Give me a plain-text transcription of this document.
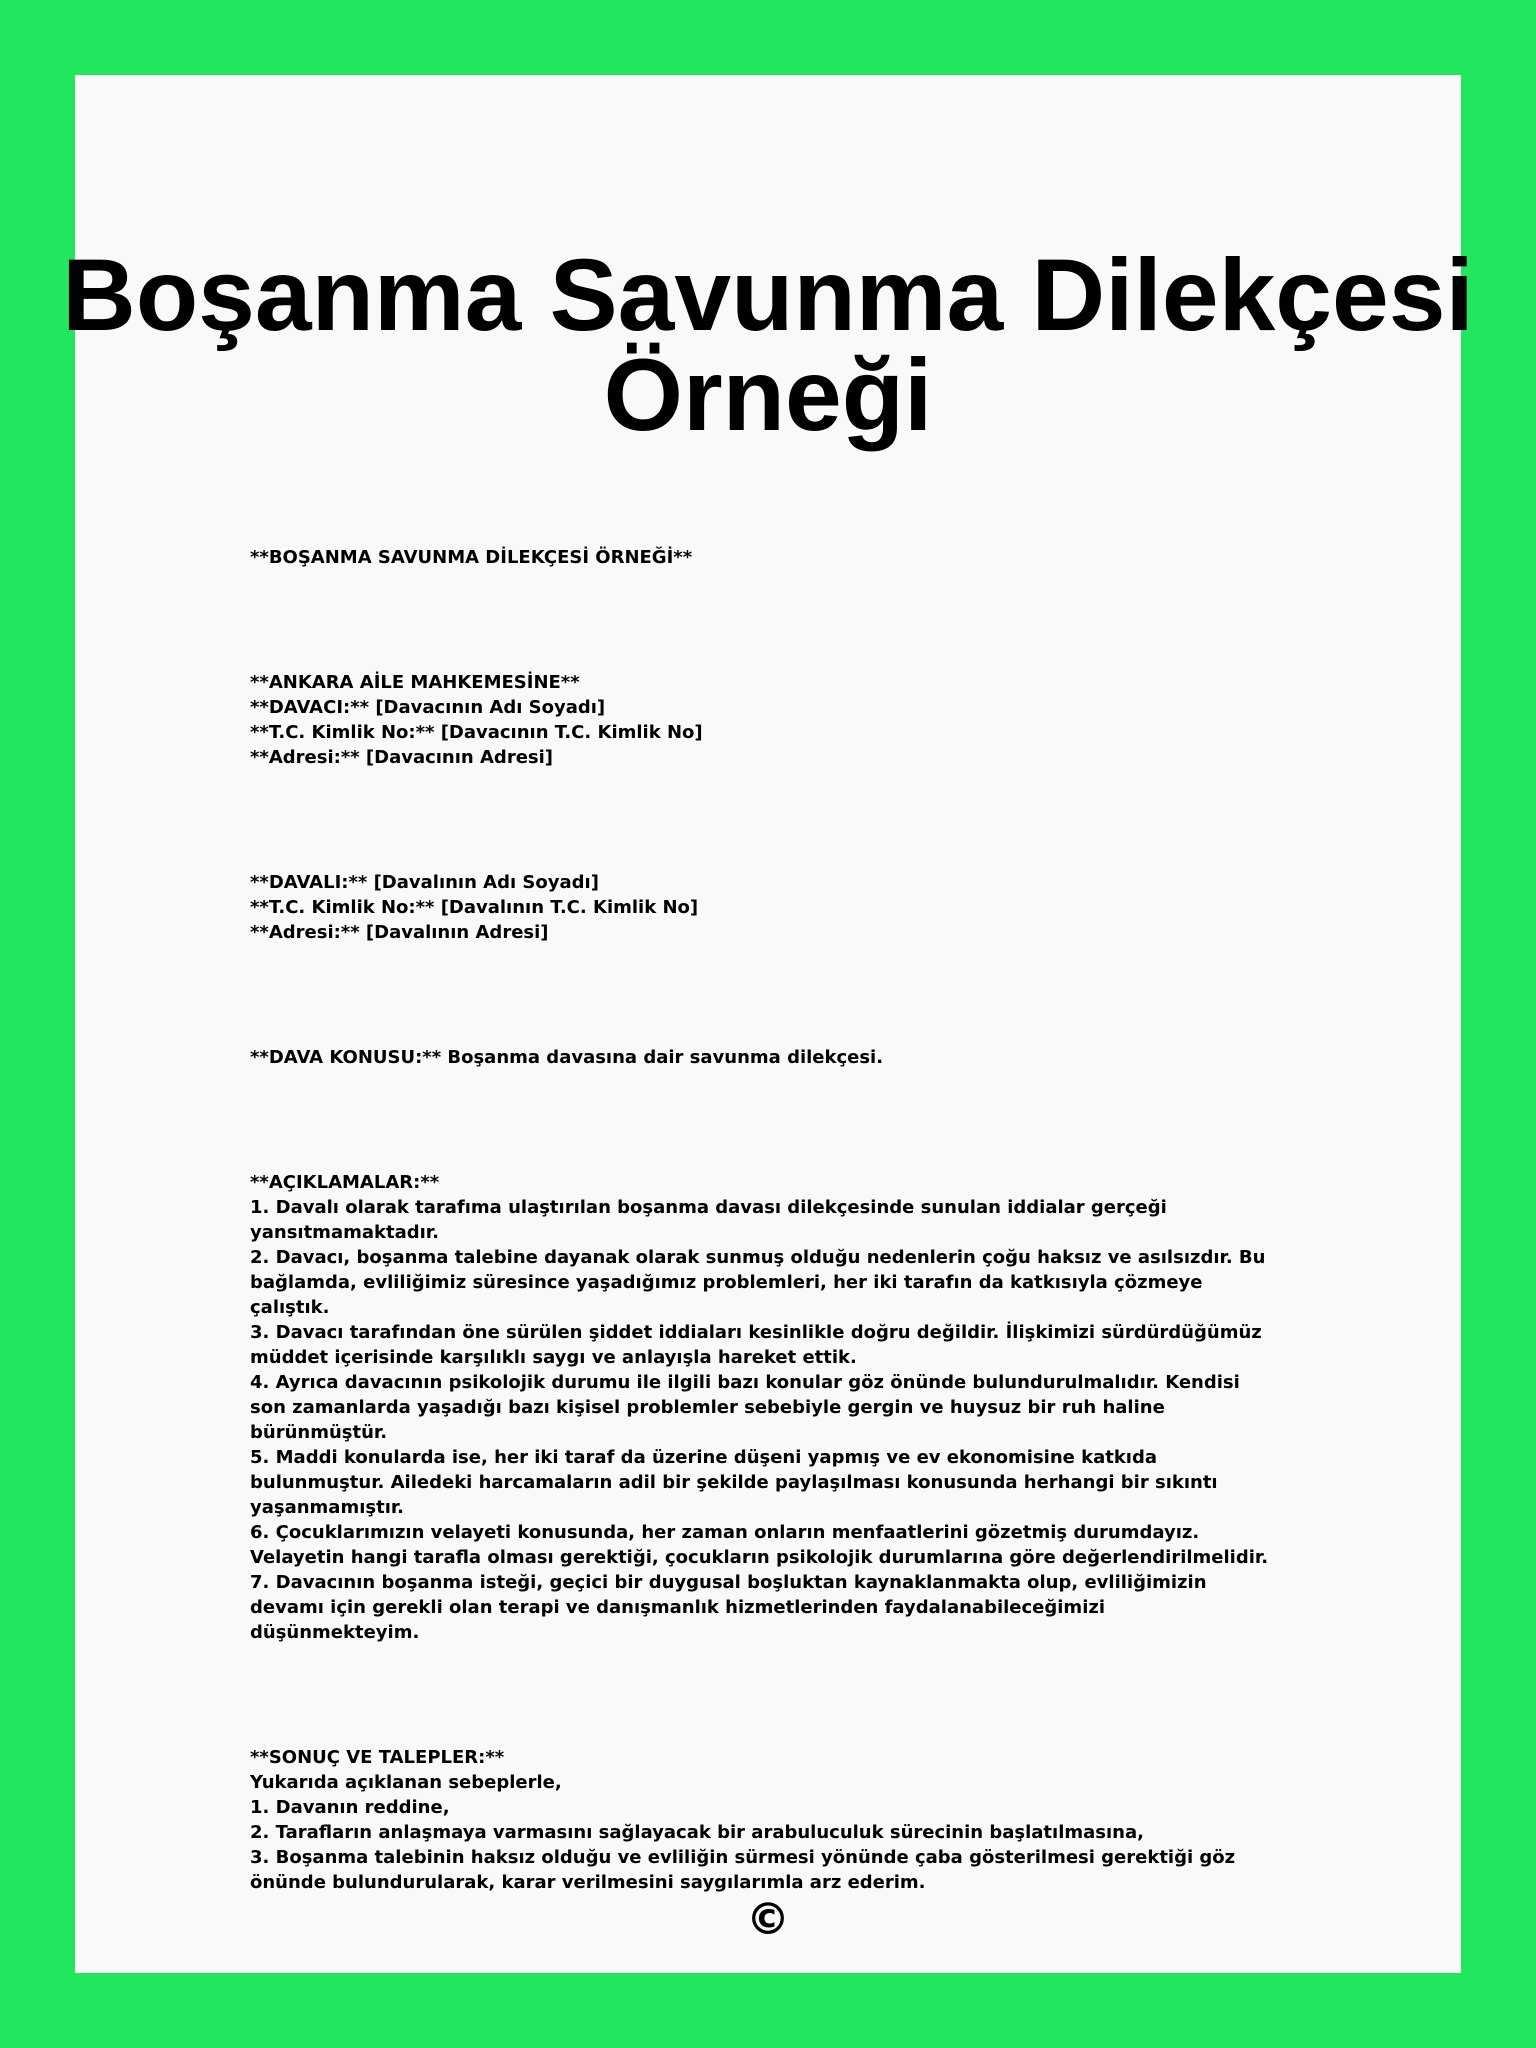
Boşanma Savunma Dilekçesi Örneği

**BOŞANMA SAVUNMA DİLEKÇESİ ÖRNEĞİ**

**ANKARA AİLE MAHKEMESİNE**

**DAVACI:** [Davacının Adı Soyadı]

**T.C. Kimlik No:** [Davacının T.C. Kimlik No]

**Adresi:** [Davacının Adresi]

**DAVALI:** [Davalının Adı Soyadı]

**T.C. Kimlik No:** [Davalının T.C. Kimlik No]

**Adresi:** [Davalının Adresi]

**DAVA KONUSU:** Boşanma davasına dair savunma dilekçesi.

**AÇIKLAMALAR:**

1. Davalı olarak tarafıma ulaştırılan boşanma davası dilekçesinde sunulan iddialar gerçeği yansıtmamaktadır.

2. Davacı, boşanma talebine dayanak olarak sunmuş olduğu nedenlerin çoğu haksız ve asılsızdır. Bu bağlamda, evliliğimiz süresince yaşadığımız problemleri, her iki tarafın da katkısıyla çözmeye çalıştık.

3. Davacı tarafından öne sürülen şiddet iddiaları kesinlikle doğru değildir. İlişkimizi sürdürdüğümüz müddet içerisinde karşılıklı saygı ve anlayışla hareket ettik.

4. Ayrıca davacının psikolojik durumu ile ilgili bazı konular göz önünde bulundurulmalıdır. Kendisi son zamanlarda yaşadığı bazı kişisel problemler sebebiyle gergin ve huysuz bir ruh haline bürünmüştür.

5. Maddi konularda ise, her iki taraf da üzerine düşeni yapmış ve ev ekonomisine katkıda bulunmuştur. Ailedeki harcamaların adil bir şekilde paylaşılması konusunda herhangi bir sıkıntı yaşanmamıştır.

6. Çocuklarımızın velayeti konusunda, her zaman onların menfaatlerini gözetmiş durumdayız. Velayetin hangi tarafla olması gerektiği, çocukların psikolojik durumlarına göre değerlendirilmelidir.

7. Davacının boşanma isteği, geçici bir duygusal boşluktan kaynaklanmakta olup, evliliğimizin devamı için gerekli olan terapi ve danışmanlık hizmetlerinden faydalanabileceğimizi düşünmekteyim.

**SONUÇ VE TALEPLER:**

Yukarıda açıklanan sebeplerle,

1. Davanın reddine,

2. Tarafların anlaşmaya varmasını sağlayacak bir arabuluculuk sürecinin başlatılmasına,

3. Boşanma talebinin haksız olduğu ve evliliğin sürmesi yönünde çaba gösterilmesi gerektiği göz önünde bulundurularak, karar verilmesini saygılarımla arz ederim.

©
